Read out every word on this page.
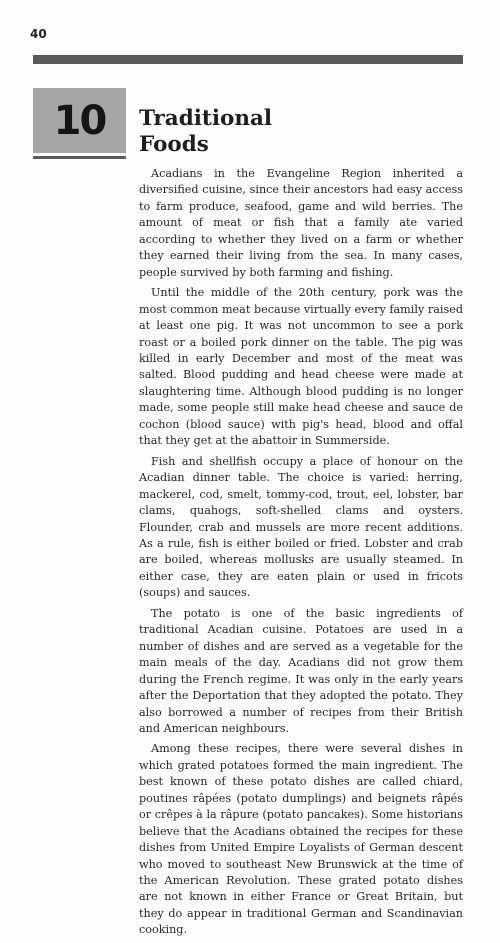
40
10 Traditional
Foods

Acadians in the Evangeline Region inherited a diversified cuisine, since their ancestors had easy access to farm produce, seafood, game and wild berries. The amount of meat or fish that a family ate varied according to whether they lived on a farm or whether they earned their living from the sea. In many cases, people survived by both farming and fishing.

Until the middle of the 20th century, pork was the most common meat because virtually every family raised at least one pig. It was not uncommon to see a pork roast or a boiled pork dinner on the table. The pig was killed in early December and most of the meat was salted. Blood pudding and head cheese were made at slaughtering time. Although blood pudding is no longer made, some people still make head cheese and sauce de cochon (blood sauce) with pig's head, blood and offal that they get at the abattoir in Summerside.

Fish and shellfish occupy a place of honour on the Acadian dinner table. The choice is varied: herring, mackerel, cod, smelt, tommy-cod, trout, eel, lobster, bar clams, quahogs, soft-shelled clams and oysters. Flounder, crab and mussels are more recent additions. As a rule, fish is either boiled or fried. Lobster and crab are boiled, whereas mollusks are usually steamed. In either case, they are eaten plain or used in fricots (soups) and sauces.

The potato is one of the basic ingredients of traditional Acadian cuisine. Potatoes are used in a number of dishes and are served as a vegetable for the main meals of the day. Acadians did not grow them during the French regime. It was only in the early years after the Deportation that they adopted the potato. They also borrowed a number of recipes from their British and American neighbours.

Among these recipes, there were several dishes in which grated potatoes formed the main ingredient. The best known of these potato dishes are called chiard, poutines râpées (potato dumplings) and beignets râpés or crêpes à la râpure (potato pancakes). Some historians believe that the Acadians obtained the recipes for these dishes from United Empire Loyalists of German descent who moved to southeast New Brunswick at the time of the American Revolution. These grated potato dishes are not known in either France or Great Britain, but they do appear in traditional German and Scandinavian cooking.
